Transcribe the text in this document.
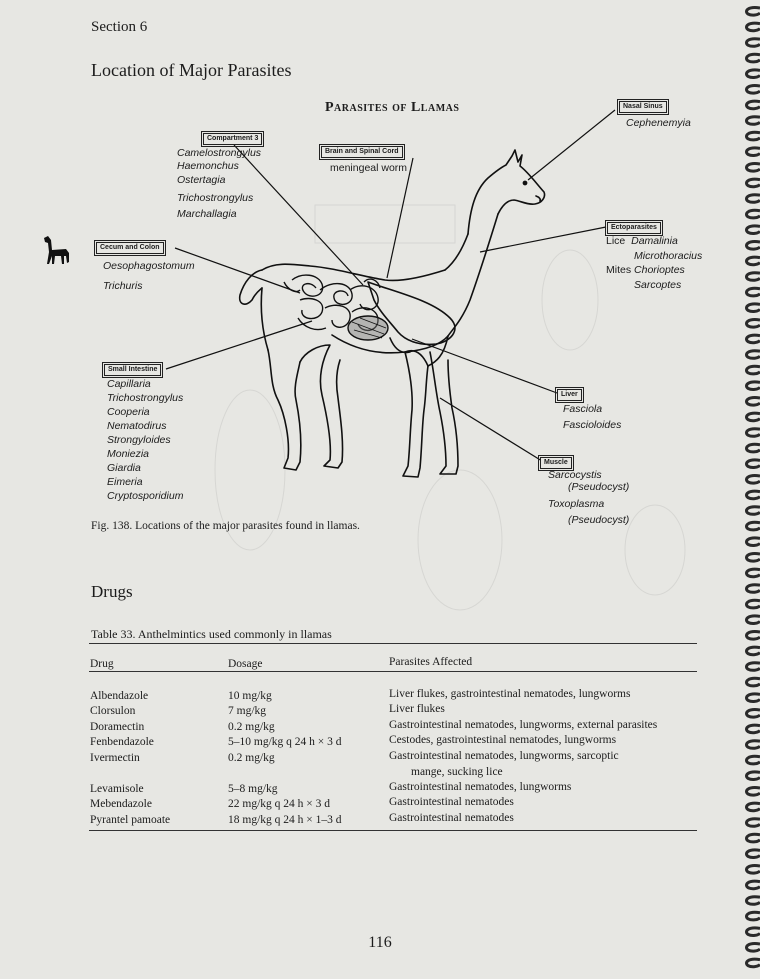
Section 6
Location of Major Parasites
Parasites of Llamas
Compartment 3
Camelostrongylus
Haemonchus
Ostertagia
Trichostrongylus
Marchallagia
Brain and Spinal Cord
meningeal worm
Nasal Sinus
Cephenemyia
Cecum and Colon
Oesophagostomum
Trichuris
Ectoparasites
Lice Damalinia
Microthoracius
Mites Chorioptes
Sarcoptes
Small Intestine
Capillaria
Trichostrongylus
Cooperia
Nematodirus
Strongyloides
Moniezia
Giardia
Eimeria
Cryptosporidium
Liver
Fasciola
Fascioloides
Muscle
Sarcocystis
(Pseudocyst)
Toxoplasma
(Pseudocyst)
Fig. 138. Locations of the major parasites found in llamas.
Drugs
Table 33. Anthelmintics used commonly in llamas
Drug	Dosage	Parasites Affected
Albendazole	10 mg/kg	Liver flukes, gastrointestinal nematodes, lungworms
Clorsulon	7 mg/kg	Liver flukes
Doramectin	0.2 mg/kg	Gastrointestinal nematodes, lungworms, external parasites
Fenbendazole	5–10 mg/kg q 24 h × 3 d	Cestodes, gastrointestinal nematodes, lungworms
Ivermectin	0.2 mg/kg	Gastrointestinal nematodes, lungworms, sarcoptic
mange, sucking lice
Levamisole	5–8 mg/kg	Gastrointestinal nematodes, lungworms
Mebendazole	22 mg/kg q 24 h × 3 d	Gastrointestinal nematodes
Pyrantel pamoate	18 mg/kg q 24 h × 1–3 d	Gastrointestinal nematodes
116
